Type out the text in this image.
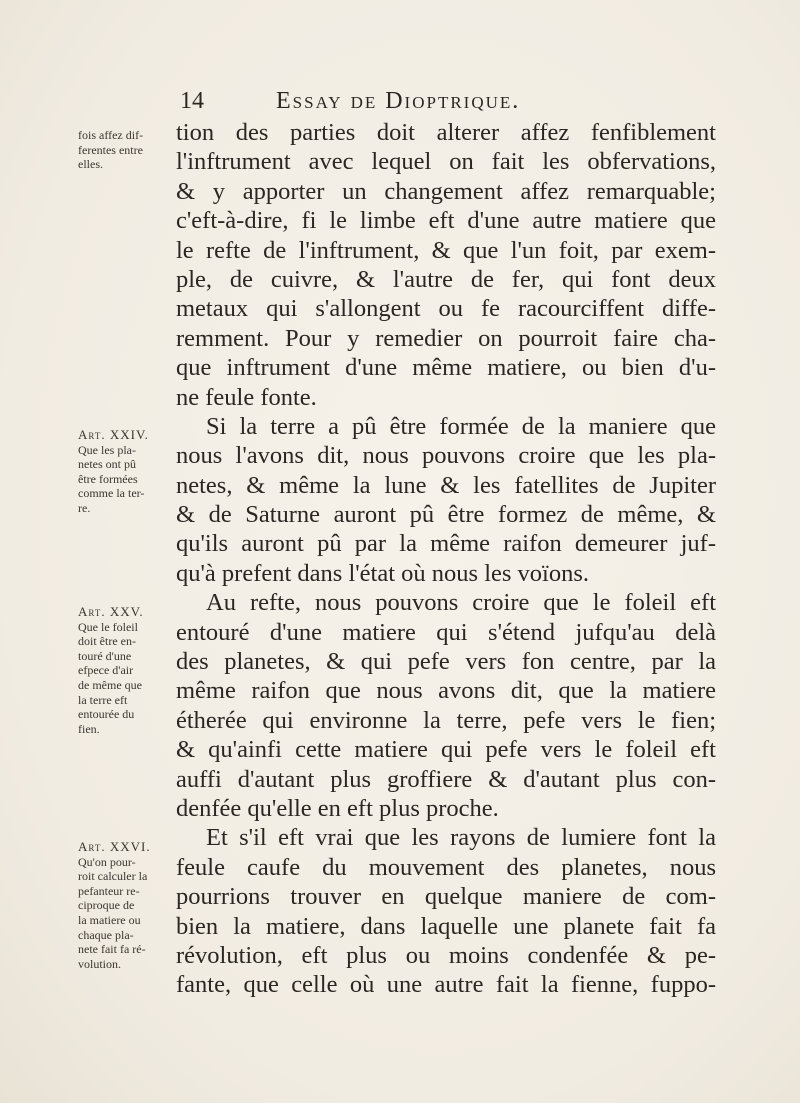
14	Essay de Dioptrique.
fois affez dif-
ferentes entre
elles.
Art. XXIV.
Que les pla-
netes ont pû
être formées
comme la ter-
re.
Art. XXV.
Que le foleil
doit être en-
touré d'une
efpece d'air
de même que
la terre eft
entourée du
fien.
Art. XXVI.
Qu'on pour-
roit calculer la
pefanteur re-
ciproque de
la matiere ou
chaque pla-
nete fait fa ré-
volution.
tion des parties doit alterer affez fenfiblement
l'inftrument avec lequel on fait les obfervations,
& y apporter un changement affez remarquable;
c'eft-à-dire, fi le limbe eft d'une autre matiere que
le refte de l'inftrument, & que l'un foit, par exem-
ple, de cuivre, & l'autre de fer, qui font deux
metaux qui s'allongent ou fe racourciffent diffe-
remment. Pour y remedier on pourroit faire cha-
que inftrument d'une même matiere, ou bien d'u-
ne feule fonte.
Si la terre a pû être formée de la maniere que
nous l'avons dit, nous pouvons croire que les pla-
netes, & même la lune & les fatellites de Jupiter
& de Saturne auront pû être formez de même, &
qu'ils auront pû par la même raifon demeurer juf-
qu'à prefent dans l'état où nous les voïons.
Au refte, nous pouvons croire que le foleil eft
entouré d'une matiere qui s'étend jufqu'au delà
des planetes, & qui pefe vers fon centre, par la
même raifon que nous avons dit, que la matiere
étherée qui environne la terre, pefe vers le fien;
& qu'ainfi cette matiere qui pefe vers le foleil eft
auffi d'autant plus groffiere & d'autant plus con-
denfée qu'elle en eft plus proche.
Et s'il eft vrai que les rayons de lumiere font la
feule caufe du mouvement des planetes, nous
pourrions trouver en quelque maniere de com-
bien la matiere, dans laquelle une planete fait fa
révolution, eft plus ou moins condenfée & pe-
fante, que celle où une autre fait la fienne, fuppo-
